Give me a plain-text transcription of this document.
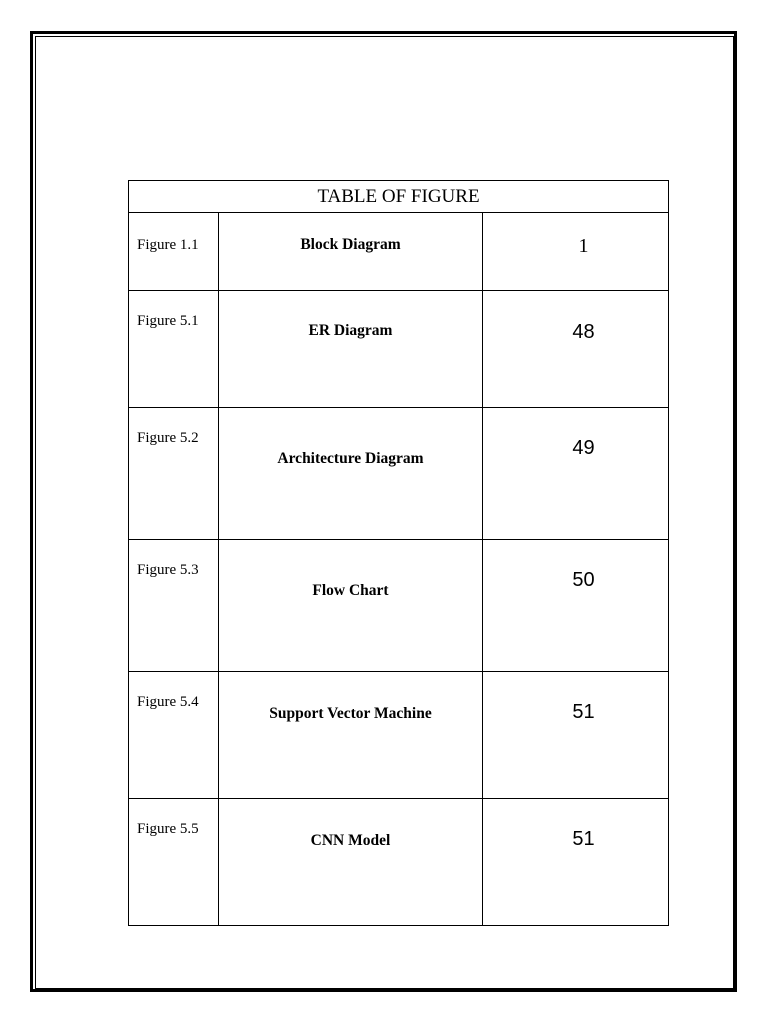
TABLE OF FIGURE		
Figure 1.1	Block Diagram	1
Figure 5.1	ER Diagram	48
Figure 5.2	Architecture Diagram	49
Figure 5.3	Flow Chart	50
Figure 5.4	Support Vector Machine	51
Figure 5.5	CNN Model	51
